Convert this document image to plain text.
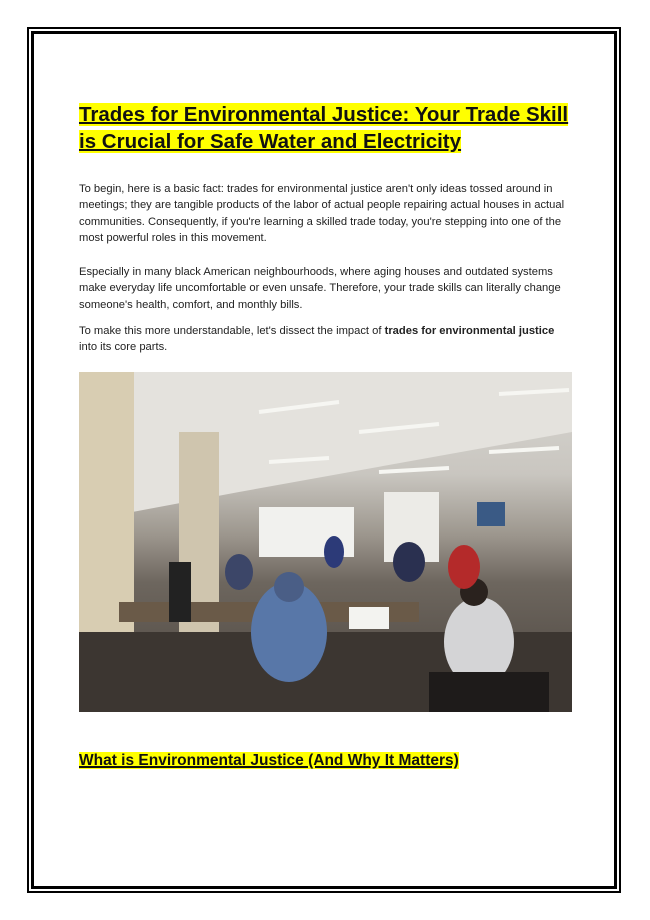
Trades for Environmental Justice: Your Trade Skill is Crucial for Safe Water and Electricity

To begin, here is a basic fact: trades for environmental justice aren't only ideas tossed around in meetings; they are tangible products of the labor of actual people repairing actual houses in actual communities. Consequently, if you're learning a skilled trade today, you're stepping into one of the most powerful roles in this movement.

Especially in many black American neighbourhoods, where aging houses and outdated systems make everyday life uncomfortable or even unsafe. Therefore, your trade skills can literally change someone's health, comfort, and monthly bills.

To make this more understandable, let's dissect the impact of trades for environmental justice into its core parts.

What is Environmental Justice (And Why It Matters)
